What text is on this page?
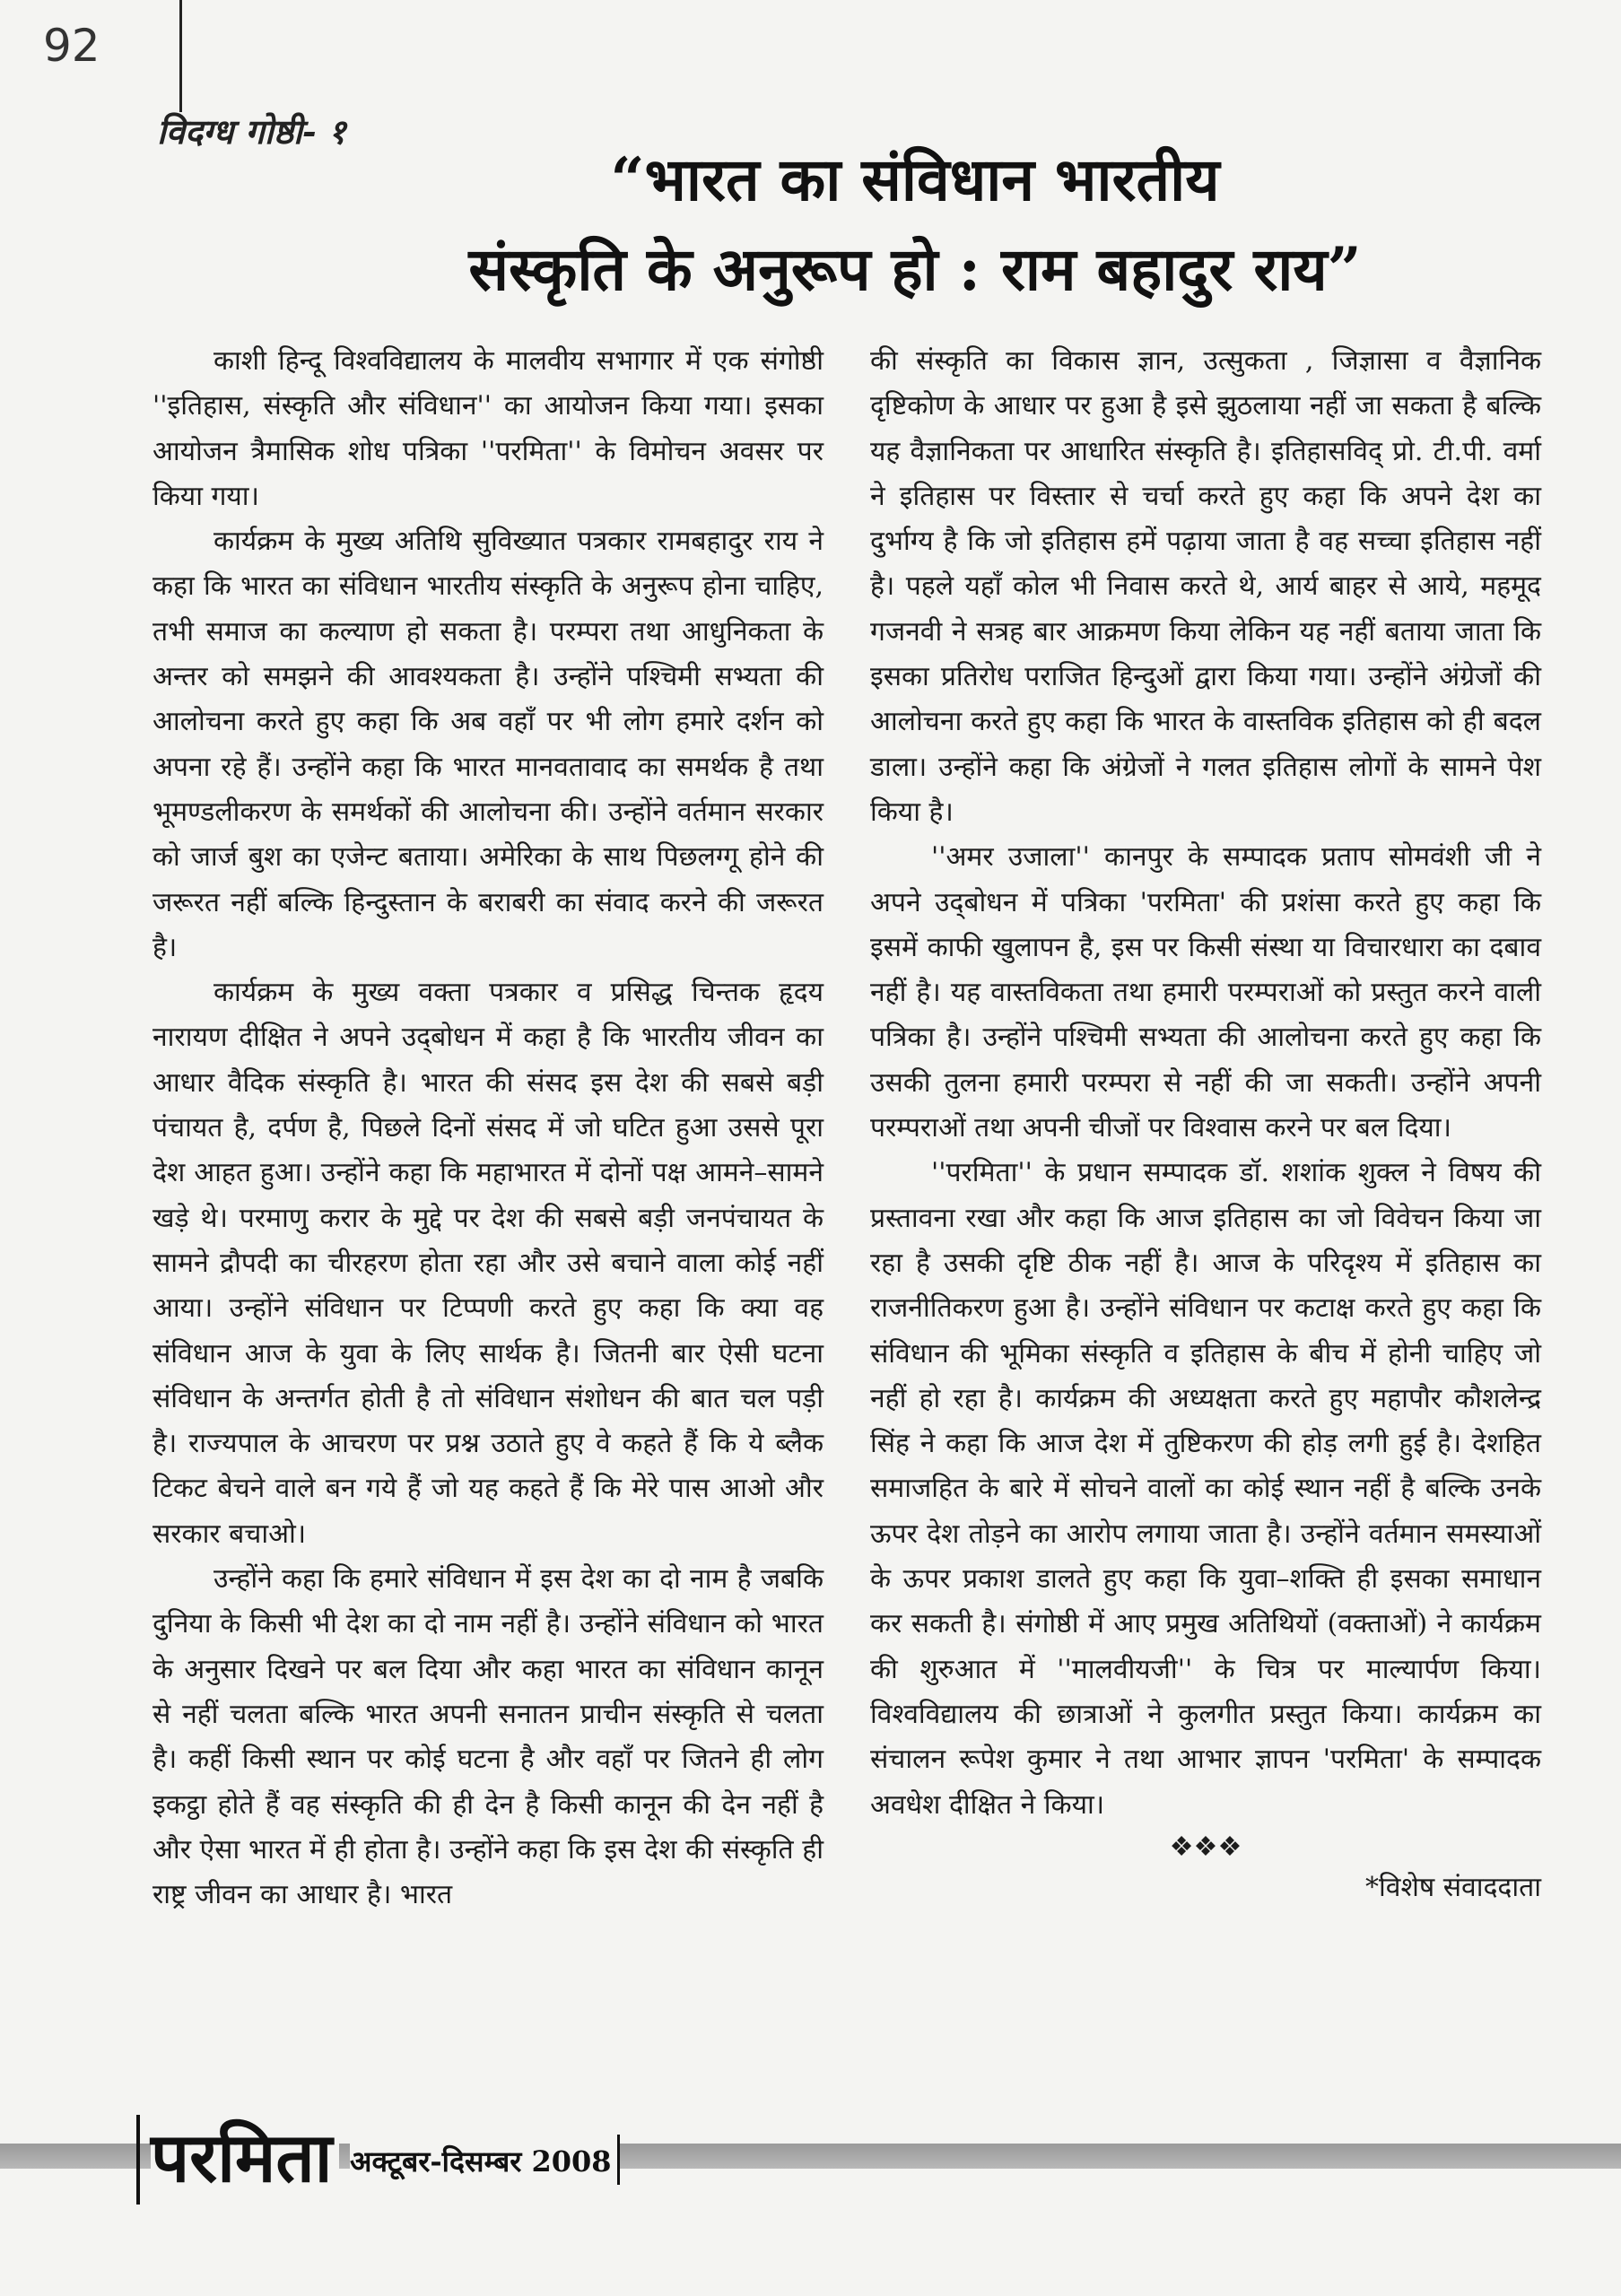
92
विदग्ध गोष्ठी- १
“भारत का संविधान भारतीय
संस्कृति के अनुरूप हो : राम बहादुर राय”

काशी हिन्दू विश्वविद्यालय के मालवीय सभागार में एक संगोष्ठी ''इतिहास, संस्कृति और संविधान'' का आयोजन किया गया। इसका आयोजन त्रैमासिक शोध पत्रिका ''परमिता'' के विमोचन अवसर पर किया गया।

कार्यक्रम के मुख्य अतिथि सुविख्यात पत्रकार रामबहादुर राय ने कहा कि भारत का संविधान भारतीय संस्कृति के अनुरूप होना चाहिए, तभी समाज का कल्याण हो सकता है। परम्परा तथा आधुनिकता के अन्तर को समझने की आवश्यकता है। उन्होंने पश्चिमी सभ्यता की आलोचना करते हुए कहा कि अब वहाँ पर भी लोग हमारे दर्शन को अपना रहे हैं। उन्होंने कहा कि भारत मानवतावाद का समर्थक है तथा भूमण्डलीकरण के समर्थकों की आलोचना की। उन्होंने वर्तमान सरकार को जार्ज बुश का एजेन्ट बताया। अमेरिका के साथ पिछलग्गू होने की जरूरत नहीं बल्कि हिन्दुस्तान के बराबरी का संवाद करने की जरूरत है।

कार्यक्रम के मुख्य वक्ता पत्रकार व प्रसिद्ध चिन्तक हृदय नारायण दीक्षित ने अपने उद्‌बोधन में कहा है कि भारतीय जीवन का आधार वैदिक संस्कृति है। भारत की संसद इस देश की सबसे बड़ी पंचायत है, दर्पण है, पिछले दिनों संसद में जो घटित हुआ उससे पूरा देश आहत हुआ। उन्होंने कहा कि महाभारत में दोनों पक्ष आमने–सामने खड़े थे। परमाणु करार के मुद्दे पर देश की सबसे बड़ी जनपंचायत के सामने द्रौपदी का चीरहरण होता रहा और उसे बचाने वाला कोई नहीं आया। उन्होंने संविधान पर टिप्पणी करते हुए कहा कि क्या वह संविधान आज के युवा के लिए सार्थक है। जितनी बार ऐसी घटना संविधान के अन्तर्गत होती है तो संविधान संशोधन की बात चल पड़ी है। राज्यपाल के आचरण पर प्रश्न उठाते हुए वे कहते हैं कि ये ब्लैक टिकट बेचने वाले बन गये हैं जो यह कहते हैं कि मेरे पास आओ और सरकार बचाओ।

उन्होंने कहा कि हमारे संविधान में इस देश का दो नाम है जबकि दुनिया के किसी भी देश का दो नाम नहीं है। उन्होंने संविधान को भारत के अनुसार दिखने पर बल दिया और कहा भारत का संविधान कानून से नहीं चलता बल्कि भारत अपनी सनातन प्राचीन संस्कृति से चलता है। कहीं किसी स्थान पर कोई घटना है और वहाँ पर जितने ही लोग इकट्ठा होते हैं वह संस्कृति की ही देन है किसी कानून की देन नहीं है और ऐसा भारत में ही होता है। उन्होंने कहा कि इस देश की संस्कृति ही राष्ट्र जीवन का आधार है। भारत

की संस्कृति का विकास ज्ञान, उत्सुकता , जिज्ञासा व वैज्ञानिक दृष्टिकोण के आधार पर हुआ है इसे झुठलाया नहीं जा सकता है बल्कि यह वैज्ञानिकता पर आधारित संस्कृति है। इतिहासविद् प्रो. टी.पी. वर्मा ने इतिहास पर विस्तार से चर्चा करते हुए कहा कि अपने देश का दुर्भाग्य है कि जो इतिहास हमें पढ़ाया जाता है वह सच्चा इतिहास नहीं है। पहले यहाँ कोल भी निवास करते थे, आर्य बाहर से आये, महमूद गजनवी ने सत्रह बार आक्रमण किया लेकिन यह नहीं बताया जाता कि इसका प्रतिरोध पराजित हिन्दुओं द्वारा किया गया। उन्होंने अंग्रेजों की आलोचना करते हुए कहा कि भारत के वास्तविक इतिहास को ही बदल डाला। उन्होंने कहा कि अंग्रेजों ने गलत इतिहास लोगों के सामने पेश किया है।

''अमर उजाला'' कानपुर के सम्पादक प्रताप सोमवंशी जी ने अपने उद्‌बोधन में पत्रिका 'परमिता' की प्रशंसा करते हुए कहा कि इसमें काफी खुलापन है, इस पर किसी संस्था या विचारधारा का दबाव नहीं है। यह वास्तविकता तथा हमारी परम्पराओं को प्रस्तुत करने वाली पत्रिका है। उन्होंने पश्चिमी सभ्यता की आलोचना करते हुए कहा कि उसकी तुलना हमारी परम्परा से नहीं की जा सकती। उन्होंने अपनी परम्पराओं तथा अपनी चीजों पर विश्वास करने पर बल दिया।

''परमिता'' के प्रधान सम्पादक डॉ. शशांक शुक्ल ने विषय की प्रस्तावना रखा और कहा कि आज इतिहास का जो विवेचन किया जा रहा है उसकी दृष्टि ठीक नहीं है। आज के परिदृश्य में इतिहास का राजनीतिकरण हुआ है। उन्होंने संविधान पर कटाक्ष करते हुए कहा कि संविधान की भूमिका संस्कृति व इतिहास के बीच में होनी चाहिए जो नहीं हो रहा है। कार्यक्रम की अध्यक्षता करते हुए महापौर कौशलेन्द्र सिंह ने कहा कि आज देश में तुष्टिकरण की होड़ लगी हुई है। देशहित समाजहित के बारे में सोचने वालों का कोई स्थान नहीं है बल्कि उनके ऊपर देश तोड़ने का आरोप लगाया जाता है। उन्होंने वर्तमान समस्याओं के ऊपर प्रकाश डालते हुए कहा कि युवा–शक्ति ही इसका समाधान कर सकती है। संगोष्ठी में आए प्रमुख अतिथियों (वक्ताओं) ने कार्यक्रम की शुरुआत में ''मालवीयजी'' के चित्र पर माल्यार्पण किया। विश्वविद्यालय की छात्राओं ने कुलगीत प्रस्तुत किया। कार्यक्रम का संचालन रूपेश कुमार ने तथा आभार ज्ञापन 'परमिता' के सम्पादक अवधेश दीक्षित ने किया।

❖❖❖
*विशेष संवाददाता
परमिता अक्टूबर-दिसम्बर 2008
